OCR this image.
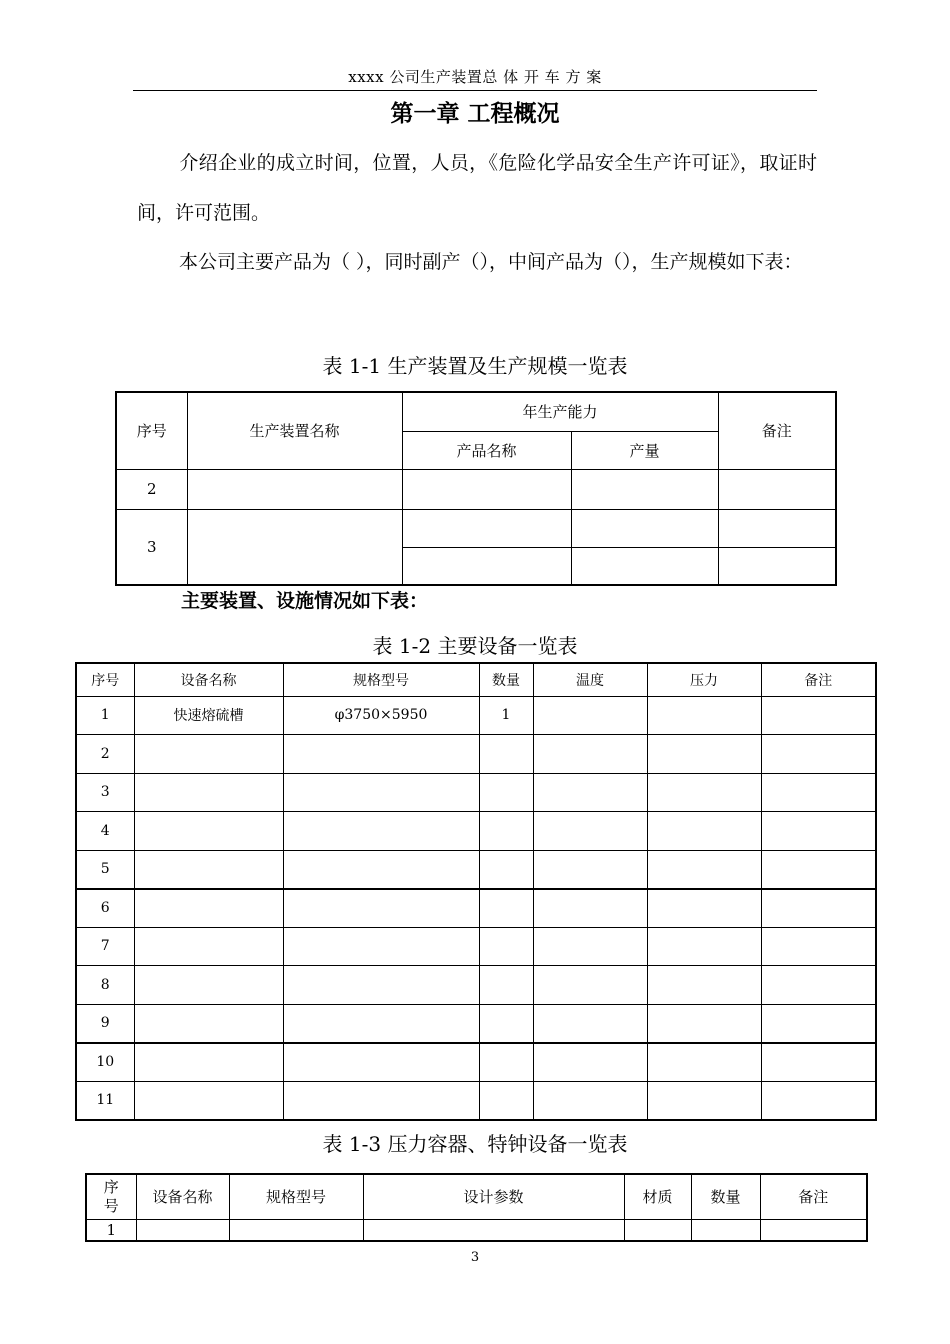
xxxx 公司生产装置总 体 开 车 方 案
第一章 工程概况
介绍企业的成立时间，位置，人员，《危险化学品安全生产许可证》，取证时间，许可范围。
本公司主要产品为（ ），同时副产（），中间产品为（），生产规模如下表：
表 1-1 生产装置及生产规模一览表
序号	生产装置名称	年生产能力		备注
		产品名称	产量	
2				
3				

主要装置、设施情况如下表：
表 1-2 主要设备一览表
序号	设备名称	规格型号	数量	温度	压力	备注
1	快速熔硫槽	φ3750×5950	1			
2						
3						
4						
5						
6						
7						
8						
9						
10						
11						
表 1-3 压力容器、特钟设备一览表
序号	设备名称	规格型号	设计参数	材质	数量	备注
1						
3
